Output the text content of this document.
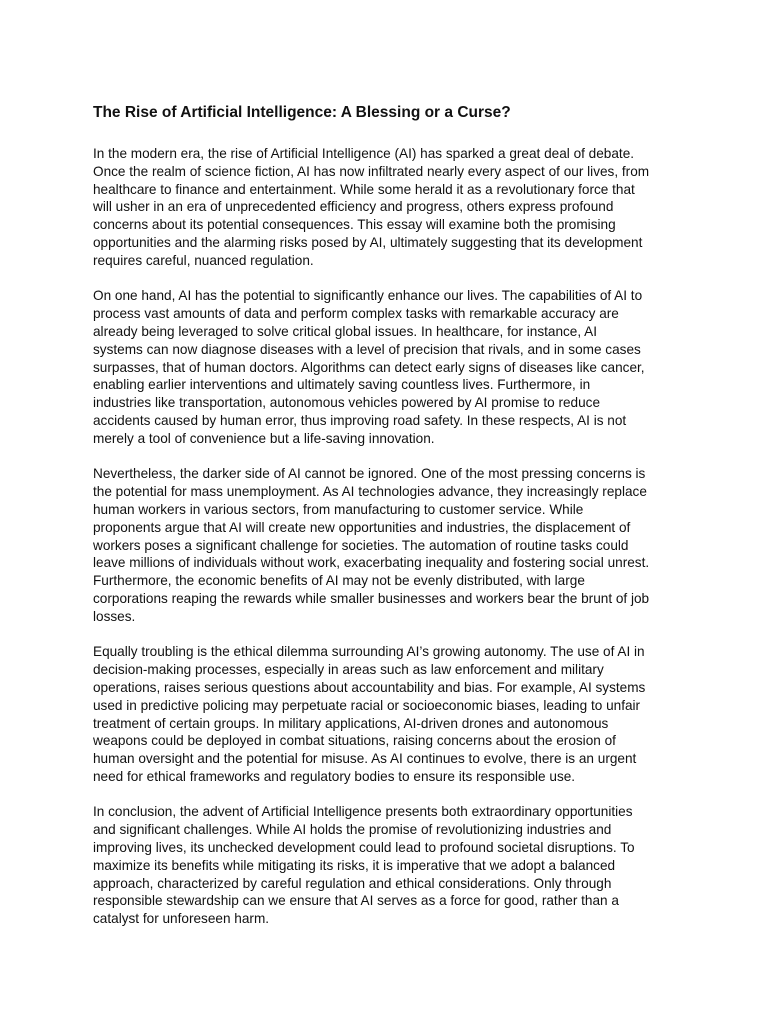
The Rise of Artificial Intelligence: A Blessing or a Curse?
In the modern era, the rise of Artificial Intelligence (AI) has sparked a great deal of debate.
Once the realm of science fiction, AI has now infiltrated nearly every aspect of our lives, from
healthcare to finance and entertainment. While some herald it as a revolutionary force that
will usher in an era of unprecedented efficiency and progress, others express profound
concerns about its potential consequences. This essay will examine both the promising
opportunities and the alarming risks posed by AI, ultimately suggesting that its development
requires careful, nuanced regulation.
On one hand, AI has the potential to significantly enhance our lives. The capabilities of AI to
process vast amounts of data and perform complex tasks with remarkable accuracy are
already being leveraged to solve critical global issues. In healthcare, for instance, AI
systems can now diagnose diseases with a level of precision that rivals, and in some cases
surpasses, that of human doctors. Algorithms can detect early signs of diseases like cancer,
enabling earlier interventions and ultimately saving countless lives. Furthermore, in
industries like transportation, autonomous vehicles powered by AI promise to reduce
accidents caused by human error, thus improving road safety. In these respects, AI is not
merely a tool of convenience but a life-saving innovation.
Nevertheless, the darker side of AI cannot be ignored. One of the most pressing concerns is
the potential for mass unemployment. As AI technologies advance, they increasingly replace
human workers in various sectors, from manufacturing to customer service. While
proponents argue that AI will create new opportunities and industries, the displacement of
workers poses a significant challenge for societies. The automation of routine tasks could
leave millions of individuals without work, exacerbating inequality and fostering social unrest.
Furthermore, the economic benefits of AI may not be evenly distributed, with large
corporations reaping the rewards while smaller businesses and workers bear the brunt of job
losses.
Equally troubling is the ethical dilemma surrounding AI’s growing autonomy. The use of AI in
decision-making processes, especially in areas such as law enforcement and military
operations, raises serious questions about accountability and bias. For example, AI systems
used in predictive policing may perpetuate racial or socioeconomic biases, leading to unfair
treatment of certain groups. In military applications, AI-driven drones and autonomous
weapons could be deployed in combat situations, raising concerns about the erosion of
human oversight and the potential for misuse. As AI continues to evolve, there is an urgent
need for ethical frameworks and regulatory bodies to ensure its responsible use.
In conclusion, the advent of Artificial Intelligence presents both extraordinary opportunities
and significant challenges. While AI holds the promise of revolutionizing industries and
improving lives, its unchecked development could lead to profound societal disruptions. To
maximize its benefits while mitigating its risks, it is imperative that we adopt a balanced
approach, characterized by careful regulation and ethical considerations. Only through
responsible stewardship can we ensure that AI serves as a force for good, rather than a
catalyst for unforeseen harm.
